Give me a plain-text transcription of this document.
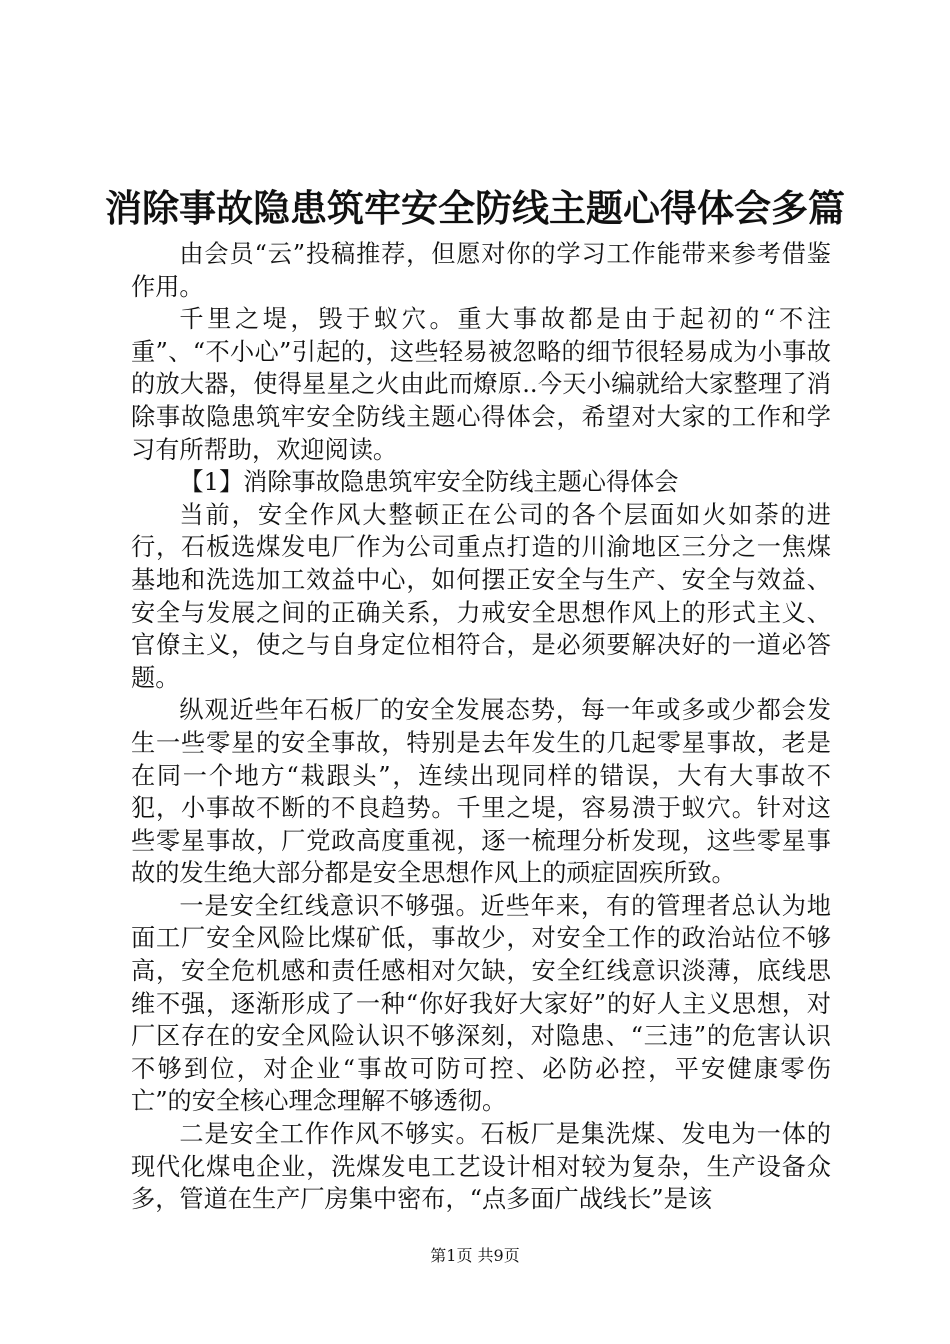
消除事故隐患筑牢安全防线主题心得体会多篇

由会员“云”投稿推荐，但愿对你的学习工作能带来参考借鉴作用。

千里之堤，毁于蚁穴。重大事故都是由于起初的“不注重”、“不小心”引起的，这些轻易被忽略的细节很轻易成为小事故的放大器，使得星星之火由此而燎原..今天小编就给大家整理了消除事故隐患筑牢安全防线主题心得体会，希望对大家的工作和学习有所帮助，欢迎阅读。

【1】消除事故隐患筑牢安全防线主题心得体会

当前，安全作风大整顿正在公司的各个层面如火如荼的进行，石板选煤发电厂作为公司重点打造的川渝地区三分之一焦煤基地和洗选加工效益中心，如何摆正安全与生产、安全与效益、安全与发展之间的正确关系，力戒安全思想作风上的形式主义、官僚主义，使之与自身定位相符合，是必须要解决好的一道必答题。

纵观近些年石板厂的安全发展态势，每一年或多或少都会发生一些零星的安全事故，特别是去年发生的几起零星事故，老是在同一个地方“栽跟头”，连续出现同样的错误，大有大事故不犯，小事故不断的不良趋势。千里之堤，容易溃于蚁穴。针对这些零星事故，厂党政高度重视，逐一梳理分析发现，这些零星事故的发生绝大部分都是安全思想作风上的顽症固疾所致。

一是安全红线意识不够强。近些年来，有的管理者总认为地面工厂安全风险比煤矿低，事故少，对安全工作的政治站位不够高，安全危机感和责任感相对欠缺，安全红线意识淡薄，底线思维不强，逐渐形成了一种“你好我好大家好”的好人主义思想，对厂区存在的安全风险认识不够深刻，对隐患、“三违”的危害认识不够到位，对企业“事故可防可控、必防必控，平安健康零伤亡”的安全核心理念理解不够透彻。

二是安全工作作风不够实。石板厂是集洗煤、发电为一体的现代化煤电企业，洗煤发电工艺设计相对较为复杂，生产设备众多，管道在生产厂房集中密布，“点多面广战线长”是该

第1页 共9页
